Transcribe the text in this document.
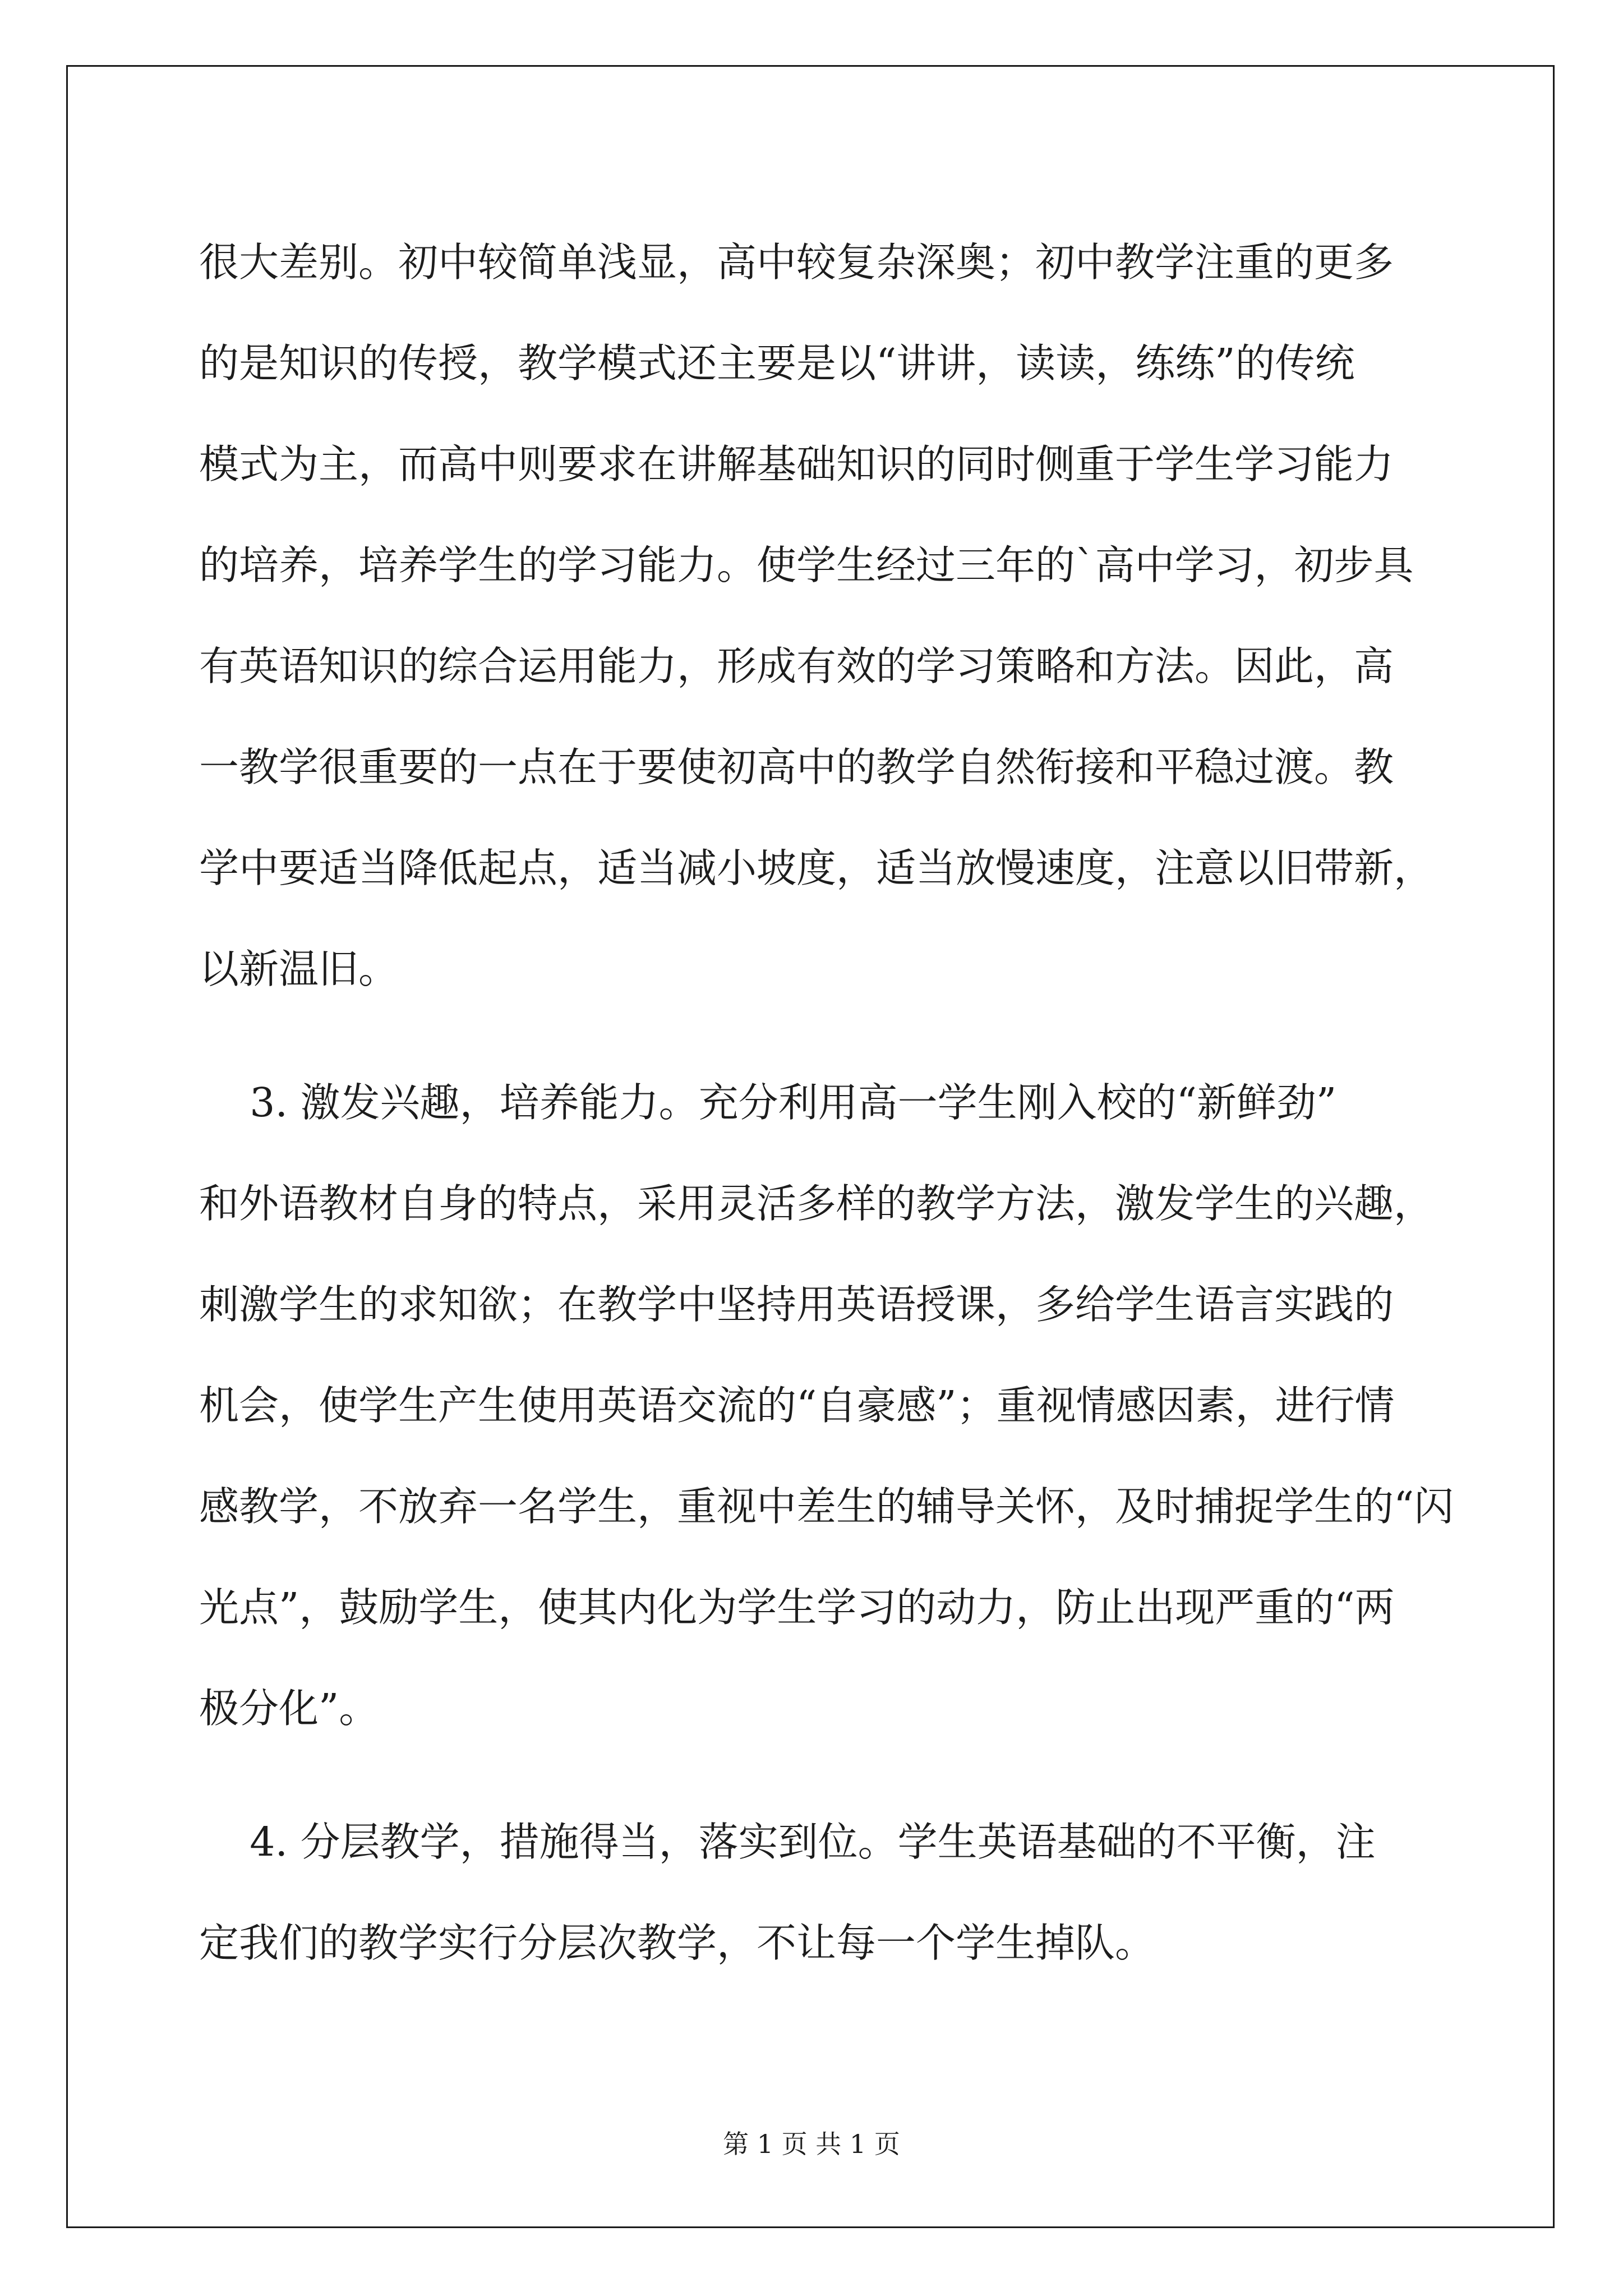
很大差别。初中较简单浅显，高中较复杂深奥；初中教学注重的更多
的是知识的传授，教学模式还主要是以“讲讲，读读，练练”的传统
模式为主，而高中则要求在讲解基础知识的同时侧重于学生学习能力
的培养，培养学生的学习能力。使学生经过三年的`高中学习，初步具
有英语知识的综合运用能力，形成有效的学习策略和方法。因此，高
一教学很重要的一点在于要使初高中的教学自然衔接和平稳过渡。教
学中要适当降低起点，适当减小坡度，适当放慢速度，注意以旧带新，
以新温旧。
3. 激发兴趣，培养能力。充分利用高一学生刚入校的“新鲜劲”
和外语教材自身的特点，采用灵活多样的教学方法，激发学生的兴趣，
刺激学生的求知欲；在教学中坚持用英语授课，多给学生语言实践的
机会，使学生产生使用英语交流的“自豪感”；重视情感因素，进行情
感教学，不放弃一名学生，重视中差生的辅导关怀，及时捕捉学生的“闪
光点”，鼓励学生，使其内化为学生学习的动力，防止出现严重的“两
极分化”。
4. 分层教学，措施得当，落实到位。学生英语基础的不平衡，注
定我们的教学实行分层次教学，不让每一个学生掉队。
第 1 页 共 1 页
